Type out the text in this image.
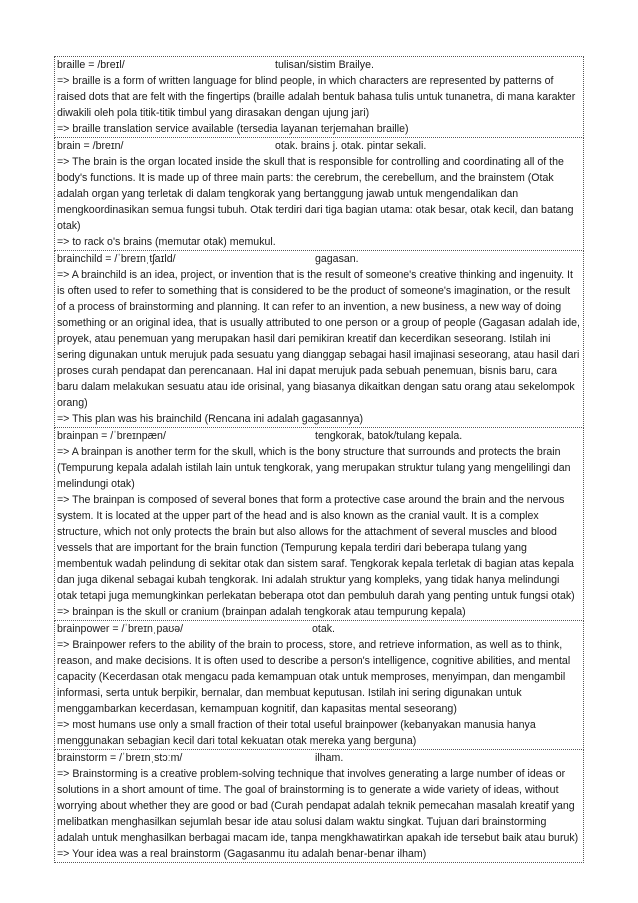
braille = /breɪl/	tulisan/sistim Brailye.

=> braille is a form of written language for blind people, in which characters are represented by patterns of raised dots that are felt with the fingertips (braille adalah bentuk bahasa tulis untuk tunanetra, di mana karakter diwakili oleh pola titik-titik timbul yang dirasakan dengan ujung jari)

=> braille translation service available (tersedia layanan terjemahan braille)

brain = /breɪn/	otak. brains j. otak. pintar sekali.

=> The brain is the organ located inside the skull that is responsible for controlling and coordinating all of the body's functions. It is made up of three main parts: the cerebrum, the cerebellum, and the brainstem (Otak adalah organ yang terletak di dalam tengkorak yang bertanggung jawab untuk mengendalikan dan mengkoordinasikan semua fungsi tubuh. Otak terdiri dari tiga bagian utama: otak besar, otak kecil, dan batang otak)

=> to rack o's brains (memutar otak) memukul.

brainchild = /ˈbreɪnˌtʃaɪld/	gagasan.

=> A brainchild is an idea, project, or invention that is the result of someone's creative thinking and ingenuity. It is often used to refer to something that is considered to be the product of someone's imagination, or the result of a process of brainstorming and planning. It can refer to an invention, a new business, a new way of doing something or an original idea, that is usually attributed to one person or a group of people (Gagasan adalah ide, proyek, atau penemuan yang merupakan hasil dari pemikiran kreatif dan kecerdikan seseorang. Istilah ini sering digunakan untuk merujuk pada sesuatu yang dianggap sebagai hasil imajinasi seseorang, atau hasil dari proses curah pendapat dan perencanaan. Hal ini dapat merujuk pada sebuah penemuan, bisnis baru, cara baru dalam melakukan sesuatu atau ide orisinal, yang biasanya dikaitkan dengan satu orang atau sekelompok orang)

=> This plan was his brainchild (Rencana ini adalah gagasannya)

brainpan = /ˈbreɪnpæn/	tengkorak, batok/tulang kepala.

=> A brainpan is another term for the skull, which is the bony structure that surrounds and protects the brain (Tempurung kepala adalah istilah lain untuk tengkorak, yang merupakan struktur tulang yang mengelilingi dan melindungi otak)

=> The brainpan is composed of several bones that form a protective case around the brain and the nervous system. It is located at the upper part of the head and is also known as the cranial vault. It is a complex structure, which not only protects the brain but also allows for the attachment of several muscles and blood vessels that are important for the brain function (Tempurung kepala terdiri dari beberapa tulang yang membentuk wadah pelindung di sekitar otak dan sistem saraf. Tengkorak kepala terletak di bagian atas kepala dan juga dikenal sebagai kubah tengkorak. Ini adalah struktur yang kompleks, yang tidak hanya melindungi otak tetapi juga memungkinkan perlekatan beberapa otot dan pembuluh darah yang penting untuk fungsi otak)

=> brainpan is the skull or cranium (brainpan adalah tengkorak atau tempurung kepala)

brainpower = /ˈbreɪnˌpaʊə/	otak.

=> Brainpower refers to the ability of the brain to process, store, and retrieve information, as well as to think, reason, and make decisions. It is often used to describe a person's intelligence, cognitive abilities, and mental capacity (Kecerdasan otak mengacu pada kemampuan otak untuk memproses, menyimpan, dan mengambil informasi, serta untuk berpikir, bernalar, dan membuat keputusan. Istilah ini sering digunakan untuk menggambarkan kecerdasan, kemampuan kognitif, dan kapasitas mental seseorang)

=> most humans use only a small fraction of their total useful brainpower (kebanyakan manusia hanya menggunakan sebagian kecil dari total kekuatan otak mereka yang berguna)

brainstorm = /ˈbreɪnˌstɔːm/	ilham.

=> Brainstorming is a creative problem-solving technique that involves generating a large number of ideas or solutions in a short amount of time. The goal of brainstorming is to generate a wide variety of ideas, without worrying about whether they are good or bad (Curah pendapat adalah teknik pemecahan masalah kreatif yang melibatkan menghasilkan sejumlah besar ide atau solusi dalam waktu singkat. Tujuan dari brainstorming adalah untuk menghasilkan berbagai macam ide, tanpa mengkhawatirkan apakah ide tersebut baik atau buruk)

=> Your idea was a real brainstorm (Gagasanmu itu adalah benar-benar ilham)
